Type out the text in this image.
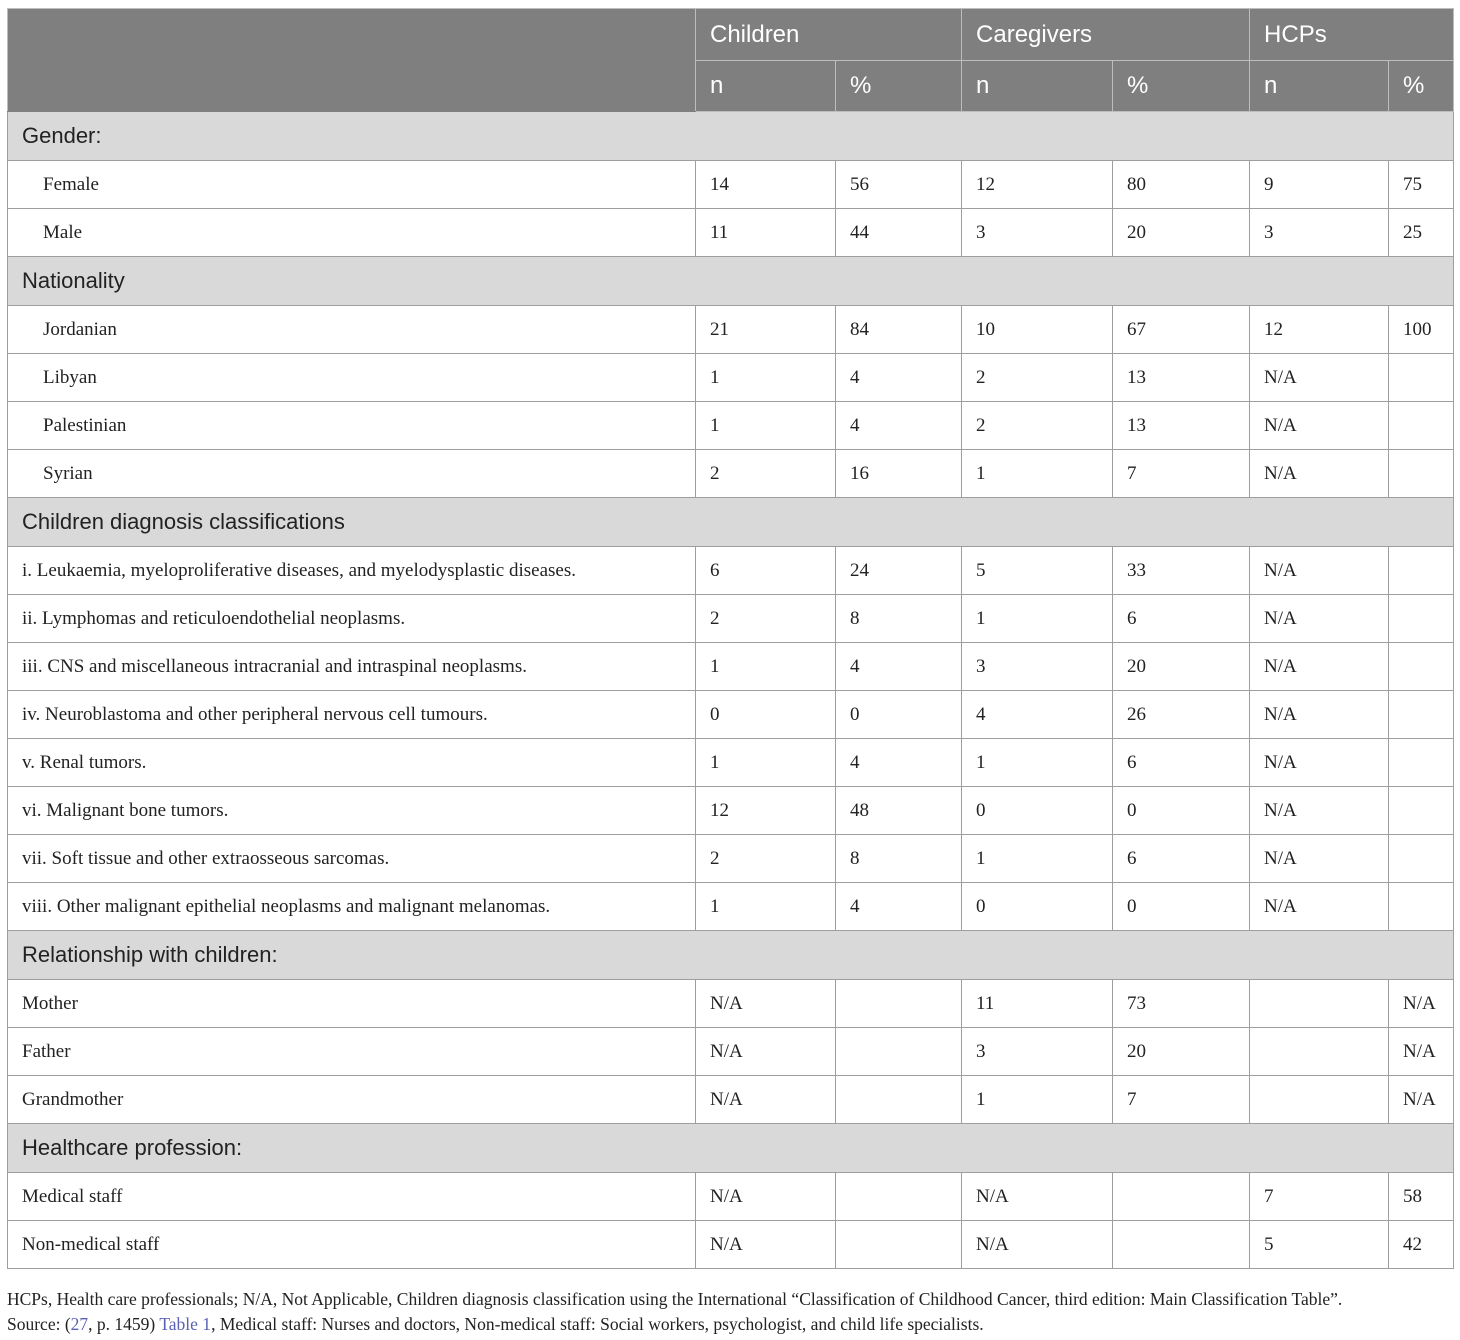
	Children		Caregivers		HCPs	
	n	%	n	%	n	%
Gender:						
Female	14	56	12	80	9	75
Male	11	44	3	20	3	25
Nationality						
Jordanian	21	84	10	67	12	100
Libyan	1	4	2	13	N/A	
Palestinian	1	4	2	13	N/A	
Syrian	2	16	1	7	N/A	
Children diagnosis classifications						
i. Leukaemia, myeloproliferative diseases, and myelodysplastic diseases.	6	24	5	33	N/A	
ii. Lymphomas and reticuloendothelial neoplasms.	2	8	1	6	N/A	
iii. CNS and miscellaneous intracranial and intraspinal neoplasms.	1	4	3	20	N/A	
iv. Neuroblastoma and other peripheral nervous cell tumours.	0	0	4	26	N/A	
v. Renal tumors.	1	4	1	6	N/A	
vi. Malignant bone tumors.	12	48	0	0	N/A	
vii. Soft tissue and other extraosseous sarcomas.	2	8	1	6	N/A	
viii. Other malignant epithelial neoplasms and malignant melanomas.	1	4	0	0	N/A	
Relationship with children:						
Mother	N/A		11	73		N/A
Father	N/A		3	20		N/A
Grandmother	N/A		1	7		N/A
Healthcare profession:						
Medical staff	N/A		N/A		7	58
Non-medical staff	N/A		N/A		5	42
HCPs, Health care professionals; N/A, Not Applicable, Children diagnosis classification using the International “Classification of Childhood Cancer, third edition: Main Classification Table”.
Source: (27, p. 1459) Table 1, Medical staff: Nurses and doctors, Non-medical staff: Social workers, psychologist, and child life specialists.
